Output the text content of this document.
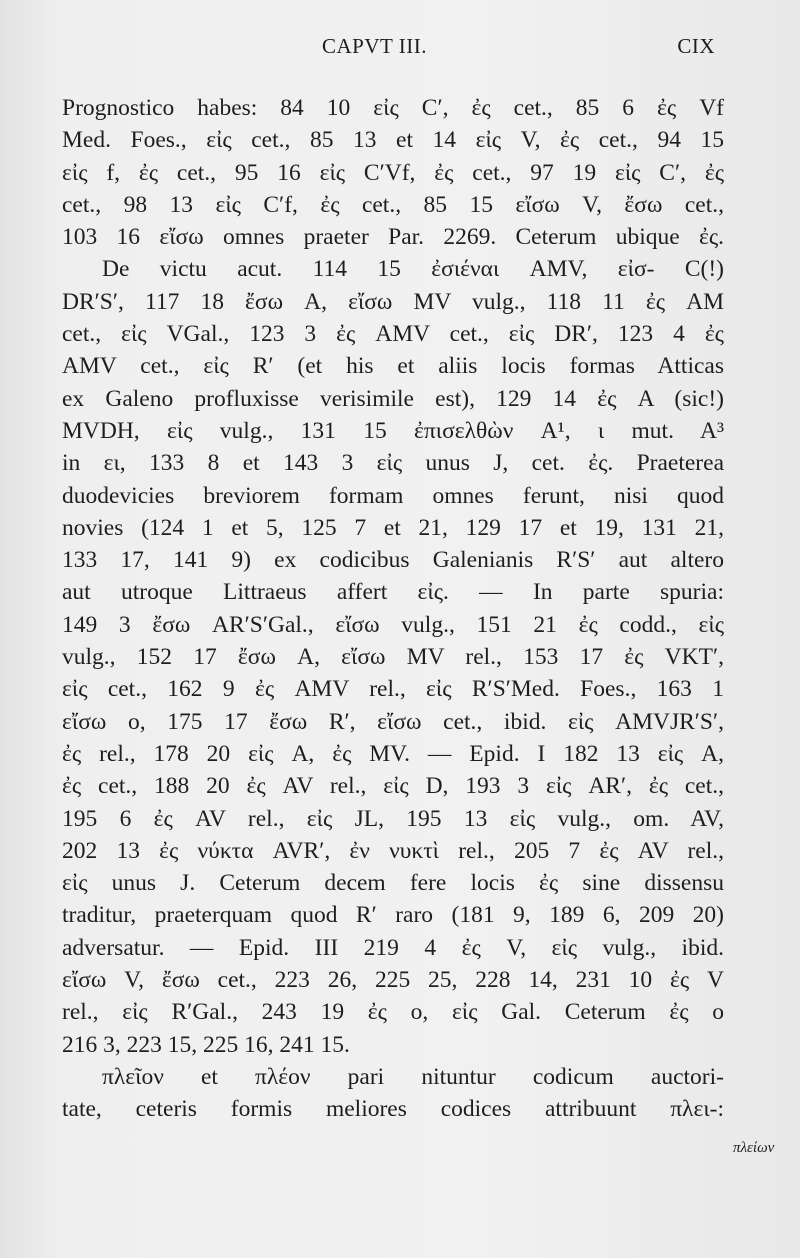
CAPVT III.	CIX
Prognostico habes: 84 10 εἰς C′, ἐς cet., 85 6 ἐς Vf
Med. Foes., εἰς cet., 85 13 et 14 εἰς V, ἐς cet., 94 15
εἰς f, ἐς cet., 95 16 εἰς C′Vf, ἐς cet., 97 19 εἰς C′, ἐς
cet., 98 13 εἰς C′f, ἐς cet., 85 15 εἴσω V, ἔσω cet.,
103 16 εἴσω omnes praeter Par. 2269. Ceterum ubique ἐς.
De victu acut. 114 15 ἐσιέναι AMV, εἰσ- C(!)
DR′S′, 117 18 ἔσω A, εἴσω MV vulg., 118 11 ἐς AM
cet., εἰς VGal., 123 3 ἐς AMV cet., εἰς DR′, 123 4 ἐς
AMV cet., εἰς R′ (et his et aliis locis formas Atticas
ex Galeno profluxisse verisimile est), 129 14 ἐς A (sic!)
MVDH, εἰς vulg., 131 15 ἐπισελθὼν A¹, ι mut. A³
in ει, 133 8 et 143 3 εἰς unus J, cet. ἐς. Praeterea
duodevicies breviorem formam omnes ferunt, nisi quod
novies (124 1 et 5, 125 7 et 21, 129 17 et 19, 131 21,
133 17, 141 9) ex codicibus Galenianis R′S′ aut altero
aut utroque Littraeus affert εἰς. — In parte spuria:
149 3 ἔσω AR′S′Gal., εἴσω vulg., 151 21 ἐς codd., εἰς
vulg., 152 17 ἔσω A, εἴσω MV rel., 153 17 ἐς VKT′,
εἰς cet., 162 9 ἐς AMV rel., εἰς R′S′Med. Foes., 163 1
εἴσω o, 175 17 ἔσω R′, εἴσω cet., ibid. εἰς AMVJR′S′,
ἐς rel., 178 20 εἰς A, ἐς MV. — Epid. I 182 13 εἰς A,
ἐς cet., 188 20 ἐς AV rel., εἰς D, 193 3 εἰς AR′, ἐς cet.,
195 6 ἐς AV rel., εἰς JL, 195 13 εἰς vulg., om. AV,
202 13 ἐς νύκτα AVR′, ἐν νυκτὶ rel., 205 7 ἐς AV rel.,
εἰς unus J. Ceterum decem fere locis ἐς sine dissensu
traditur, praeterquam quod R′ raro (181 9, 189 6, 209 20)
adversatur. — Epid. III 219 4 ἐς V, εἰς vulg., ibid.
εἴσω V, ἔσω cet., 223 26, 225 25, 228 14, 231 10 ἐς V
rel., εἰς R′Gal., 243 19 ἐς o, εἰς Gal. Ceterum ἐς o
216 3, 223 15, 225 16, 241 15.
πλεῖον et πλέον pari nituntur codicum auctori-
tate, ceteris formis meliores codices attribuunt πλει-:
πλείων
